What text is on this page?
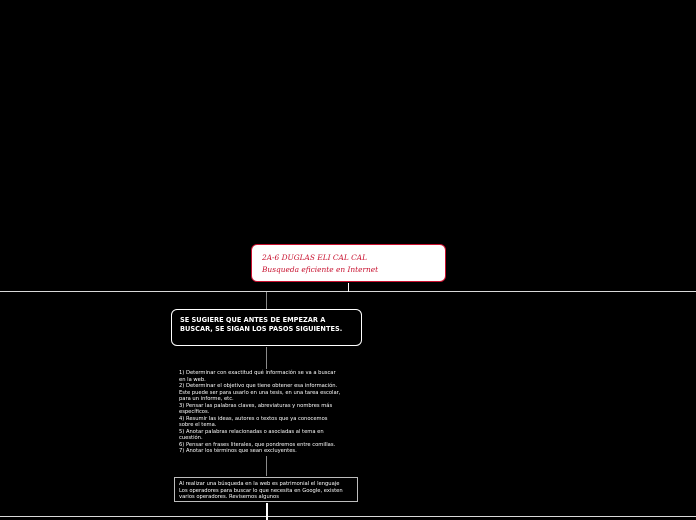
2A-6 DUGLAS ELI CAL CAL
Busqueda eficiente en Internet
SE SUGIERE QUE ANTES DE EMPEZAR A BUSCAR, SE SIGAN LOS PASOS SIGUIENTES.
1) Determinar con exactitud qué información se va a buscar
en la web.
2) Determinar el objetivo que tiene obtener esa información.
Este puede ser para usarlo en una tesis, en una tarea escolar,
para un informe, etc.
3) Pensar las palabras claves, abreviaturas y nombres más
específicos.
4) Resumir las ideas, autores o textos que ya conocemos
sobre el tema.
5) Anotar palabras relacionadas o asociadas al tema en
cuestión.
6) Pensar en frases literales, que pondremos entre comillas.
7) Anotar los términos que sean excluyentes.
Al realizar una búsqueda en la web es patrimonial el lenguaje
Los operadores para buscar lo que necesita en Google, existen
varios operadores. Revisemos algunos
